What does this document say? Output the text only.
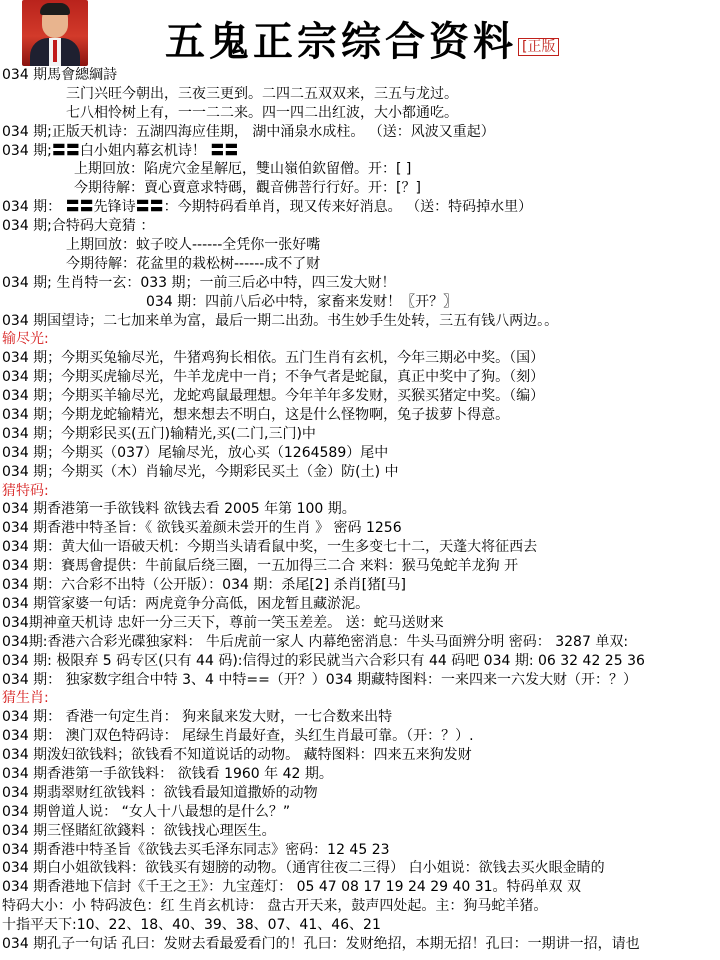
五鬼正宗综合资料 [正版
034 期馬會總綱詩
三门兴旺今朝出，三夜三更到。二四二五双双来，三五与龙过。
七八相怜树上有，一一二二来。四一四二出红波，大小都通吃。
034 期;正版天机诗：五湖四海应佳期， 湖中涌泉水成柱。 （送：风波又重起）
034 期;〓〓白小姐内幕玄机诗！ 〓〓
上期回放：陷虎穴金星解厄，雙山嶺伯欽留僧。开：[ ]
今期待解：賣心賣意求特碼，觀音佛菩行行好。开：[？]
034 期： 〓〓先锋诗〓〓：今期特码看单肖，现又传来好消息。 （送：特码掉水里）
034 期;合特码大竟猜 ：
上期回放：蚊子咬人------全凭你一张好嘴
今期待解：花盆里的栽松树------成不了财
034 期; 生肖特一玄：033 期；一前三后必中特，四三发大财！
034 期：四前八后必中特，家畜来发财！〖开？〗
034 期国望诗；二七加来单为富，最后一期二出劲。书生妙手生处转，三五有钱八两边。。
输尽光:
034 期；今期买兔输尽光，牛猪鸡狗长相依。五门生肖有玄机，今年三期必中奖。（国）
034 期；今期买虎输尽光，牛羊龙虎中一肖；不争气者是蛇鼠，真正中奖中了狗。（刻）
034 期；今期买羊输尽光，龙蛇鸡鼠最理想。今年羊年多发财，买猴买猪定中奖。（编）
034 期；今期龙蛇输精光，想来想去不明白，这是什么怪物啊，兔子拔萝卜得意。
034 期；今期彩民买(五门)输精光,买(二门,三门)中
034 期；今期买（037）尾输尽光，放心买（1264589）尾中
034 期；今期买（木）肖输尽光，今期彩民买土（金）防(土) 中
猜特码:
034 期香港第一手欲钱料 欲钱去看 2005 年第 100 期。
034 期香港中特圣旨：《 欲钱买羞颜未尝开的生肖 》 密码 1256
034 期：黄大仙一语破天机：今期当头请看鼠中奖，一生多变七十二，天蓬大将征西去
034 期：賽馬會提供：牛前鼠后绕三圈，一五加得三二合 来料：猴马兔蛇羊龙狗 开
034 期：六合彩不出特（公开版）：034 期：杀尾[2] 杀肖[猪[马]
034 期管家婆一句话：两虎竟争分高低，困龙暂且藏淤泥。
034期神童天机诗 忠奸一分三天下，尊前一笑玉差差。 送：蛇马送财来
034期:香港六合彩光碟独家料： 牛后虎前一家人 内幕绝密消息：牛头马面辨分明 密码： 3287 单双:
034 期: 极限弃 5 码专区(只有 44 码):信得过的彩民就当六合彩只有 44 码吧 034 期: 06 32 42 25 36
034 期： 独家数字组合中特 3、4 中特==（开？）034 期藏特图料：一来四来一六发大财（开：？）
猜生肖:
034 期： 香港一句定生肖： 狗来鼠来发大财，一七合数来出特
034 期： 澳门双色特码诗： 尾绿生肖最好查，头红生肖最可靠。（开：？）.
034 期泼妇欲钱料；欲钱看不知道说话的动物。 藏特图料：四来五来狗发财
034 期香港第一手欲钱料： 欲钱看 1960 年 42 期。
034 期翡翠财红欲钱料 ：欲钱看最知道撒娇的动物
034 期曾道人说： “女人十八最想的是什么？”
034 期三怪賭紅欲錢料 ：欲钱找心理医生。
034 期香港中特圣旨《欲钱去买毛泽东同志》密码：12 45 23
034 期白小姐欲钱料：欲钱买有翅膀的动物。（通宵往夜二三得） 白小姐说：欲钱去买火眼金睛的
034 期香港地下信封《千王之王》：九宝莲灯： 05 47 08 17 19 24 29 40 31。特码单双 双
特码大小：小 特码波色：红 生肖玄机诗： 盘古开天来，鼓声四处起。主：狗马蛇羊猪。
十指平天下:10、22、18、40、39、38、07、41、46、21
034 期孔子一句话 孔曰：发财去看最爱看门的！孔曰：发财绝招，本期无招！孔曰：一期讲一招，请也
